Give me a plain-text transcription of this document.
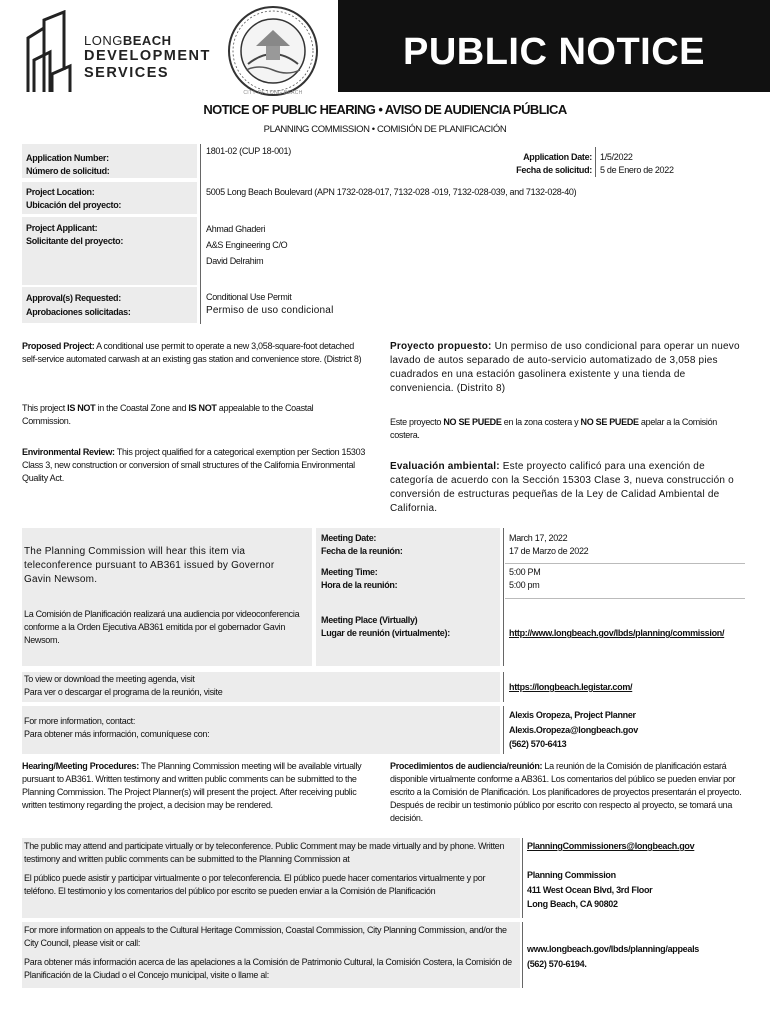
LONGBEACH
DEVELOPMENT
SERVICES
CITY OF LONG BEACH
PUBLIC NOTICE
NOTICE OF PUBLIC HEARING • AVISO DE AUDIENCIA PÚBLICA
PLANNING COMMISSION • COMISIÓN DE PLANIFICACIÓN
Application Number:
Número de solicitud:
1801-02 (CUP 18-001)
Application Date:
Fecha de solicitud:
1/5/2022
5 de Enero de 2022
Project Location:
Ubicación del proyecto:
5005 Long Beach Boulevard (APN 1732-028-017, 7132-028 -019, 7132-028-039, and 7132-028-40)
Project Applicant:
Solicitante del proyecto:
Ahmad Ghaderi
A&S Engineering C/O
David Delrahim
Approval(s) Requested:
Aprobaciones solicitadas:
Conditional Use Permit
Permiso de uso condicional
Proposed Project: A conditional use permit to operate a new 3,058-square-foot detached self-service automated carwash at an existing gas station and convenience store. (District 8)
Proyecto propuesto: Un permiso de uso condicional para operar un nuevo lavado de autos separado de auto-servicio automatizado de 3,058 pies cuadrados en una estación gasolinera existente y una tienda de conveniencia. (Distrito 8)
This project IS NOT in the Coastal Zone and IS NOT appealable to the Coastal Commission.	Este proyecto NO SE PUEDE en la zona costera y NO SE PUEDE apelar a la Comisión costera.
Environmental Review: This project qualified for a categorical exemption per Section 15303 Class 3, new construction or conversion of small structures of the California Environmental Quality Act.
Evaluación ambiental: Este proyecto calificó para una exención de categoría de acuerdo con la Sección 15303 Clase 3, nueva construcción o conversión de estructuras pequeñas de la Ley de Calidad Ambiental de California.
The Planning Commission will hear this item via teleconference pursuant to AB361 issued by Governor Gavin Newsom.
La Comisión de Planificación realizará una audiencia por videoconferencia conforme a la Orden Ejecutiva AB361 emitida por el gobernador Gavin Newsom.
Meeting Date:
Fecha de la reunión:
March 17, 2022
17 de Marzo de 2022
Meeting Time:
Hora de la reunión:
5:00 PM
5:00 pm
Meeting Place (Virtually)
Lugar de reunión (virtualmente):	http://www.longbeach.gov/lbds/planning/commission/
To view or download the meeting agenda, visit
Para ver o descargar el programa de la reunión, visite	https://longbeach.legistar.com/
For more information, contact:
Para obtener más información, comuníquese con:
Alexis Oropeza, Project Planner
Alexis.Oropeza@longbeach.gov
(562) 570-6413
Hearing/Meeting Procedures: The Planning Commission meeting will be available virtually pursuant to AB361. Written testimony and written public comments can be submitted to the Planning Commission. The Project Planner(s) will present the project. After receiving public written testimony regarding the project, a decision may be rendered.
Procedimientos de audiencia/reunión: La reunión de la Comisión de planificación estará disponible virtualmente conforme a AB361. Los comentarios del público se pueden enviar por escrito a la Comisión de Planificación. Los planificadores de proyectos presentarán el proyecto. Después de recibir un testimonio público por escrito con respecto al proyecto, se tomará una decisión.
The public may attend and participate virtually or by teleconference. Public Comment may be made virtually and by phone. Written testimony and written public comments can be submitted to the Planning Commission at
El público puede asistir y participar virtualmente o por teleconferencia. El público puede hacer comentarios virtualmente y por teléfono. El testimonio y los comentarios del público por escrito se pueden enviar a la Comisión de Planificación
PlanningCommissioners@longbeach.gov
Planning Commission
411 West Ocean Blvd, 3rd Floor
Long Beach, CA 90802
For more information on appeals to the Cultural Heritage Commission, Coastal Commission, City Planning Commission, and/or the City Council, please visit or call:
Para obtener más información acerca de las apelaciones a la Comisión de Patrimonio Cultural, la Comisión Costera, la Comisión de Planificación de la Ciudad o el Concejo municipal, visite o llame al:
www.longbeach.gov/lbds/planning/appeals
(562) 570-6194.
